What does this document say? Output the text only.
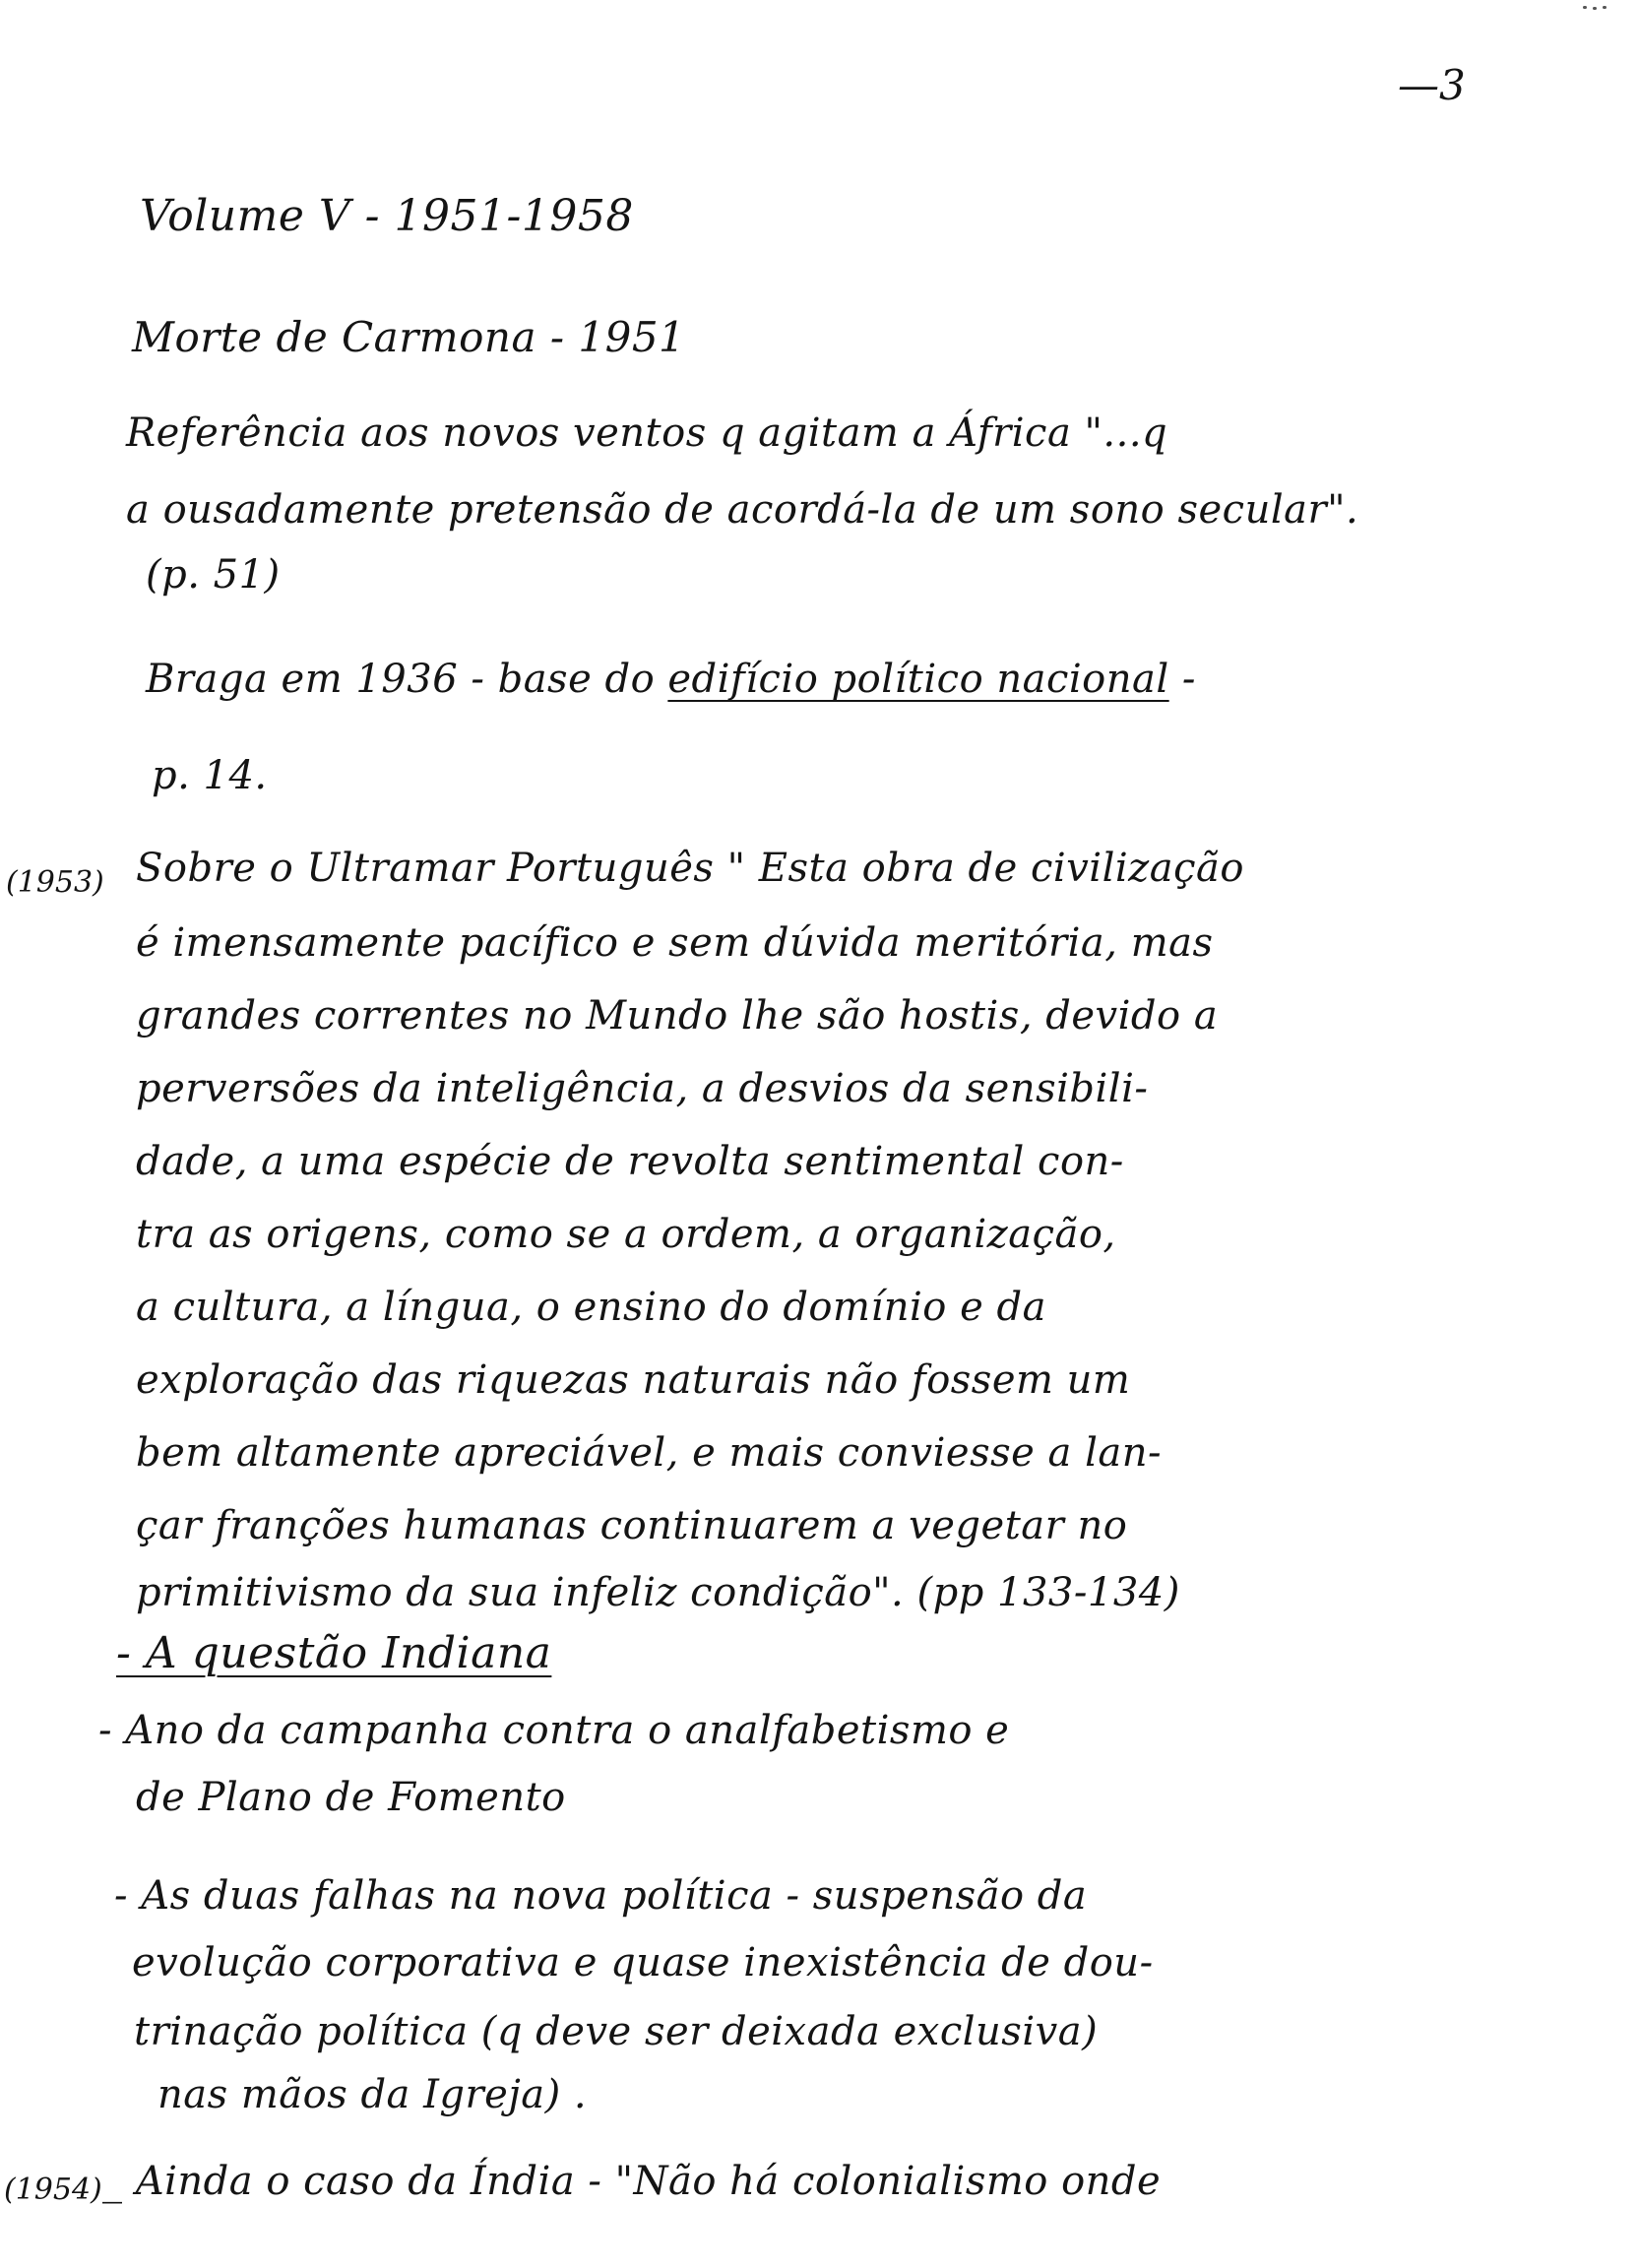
—3
Volume V - 1951-1958
Morte de Carmona - 1951
Referência aos novos ventos q agitam a África "...q
a ousadamente pretensão de acordá-la de um sono secular".
(p. 51)
Braga em 1936 - base do edifício político nacional -
p. 14.
(1953) Sobre o Ultramar Português " Esta obra de civilização
é imensamente pacífico e sem dúvida meritória, mas
grandes correntes no Mundo lhe são hostis, devido a
perversões da inteligência, a desvios da sensibili-
dade, a uma espécie de revolta sentimental con-
tra as origens, como se a ordem, a organização,
a cultura, a língua, o ensino do domínio e da
exploração das riquezas naturais não fossem um
bem altamente apreciável, e mais conviesse a lan-
çar franções humanas continuarem a vegetar no
primitivismo da sua infeliz condição". (pp 133-134)
- A questão Indiana
- Ano da campanha contra o analfabetismo e
de Plano de Fomento
- As duas falhas na nova política - suspensão da
evolução corporativa e quase inexistência de dou-
trinação política (q deve ser deixada exclusiva)
nas mãos da Igreja) .
(1954) _ Ainda o caso da Índia - "Não há colonialismo onde
